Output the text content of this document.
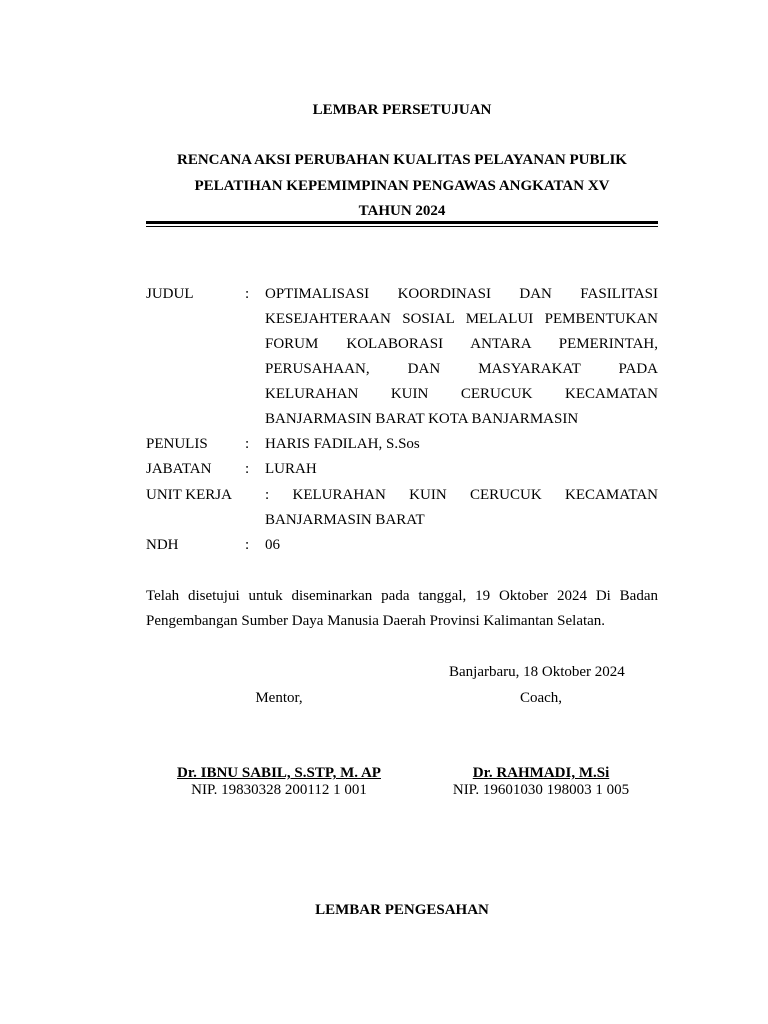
LEMBAR PERSETUJUAN
RENCANA AKSI PERUBAHAN KUALITAS PELAYANAN PUBLIK
PELATIHAN KEPEMIMPINAN PENGAWAS ANGKATAN XV
TAHUN 2024
JUDUL	: OPTIMALISASI KOORDINASI DAN FASILITASI
KESEJAHTERAAN SOSIAL MELALUI PEMBENTUKAN
FORUM KOLABORASI ANTARA PEMERINTAH,
PERUSAHAAN, DAN MASYARAKAT PADA
KELURAHAN KUIN CERUCUK KECAMATAN
BANJARMASIN BARAT KOTA BANJARMASIN
PENULIS : HARIS FADILAH, S.Sos
JABATAN : LURAH
UNIT KERJA : KELURAHAN KUIN CERUCUK KECAMATAN
BANJARMASIN BARAT
NDH	: 06
Telah disetujui untuk diseminarkan pada tanggal, 19 Oktober 2024 Di Badan
Pengembangan Sumber Daya Manusia Daerah Provinsi Kalimantan Selatan.
Banjarbaru, 18 Oktober 2024
Mentor,	Coach,
Dr. IBNU SABIL, S.STP, M. AP
NIP. 19830328 200112 1 001
Dr. RAHMADI, M.Si
NIP. 19601030 198003 1 005
LEMBAR PENGESAHAN
